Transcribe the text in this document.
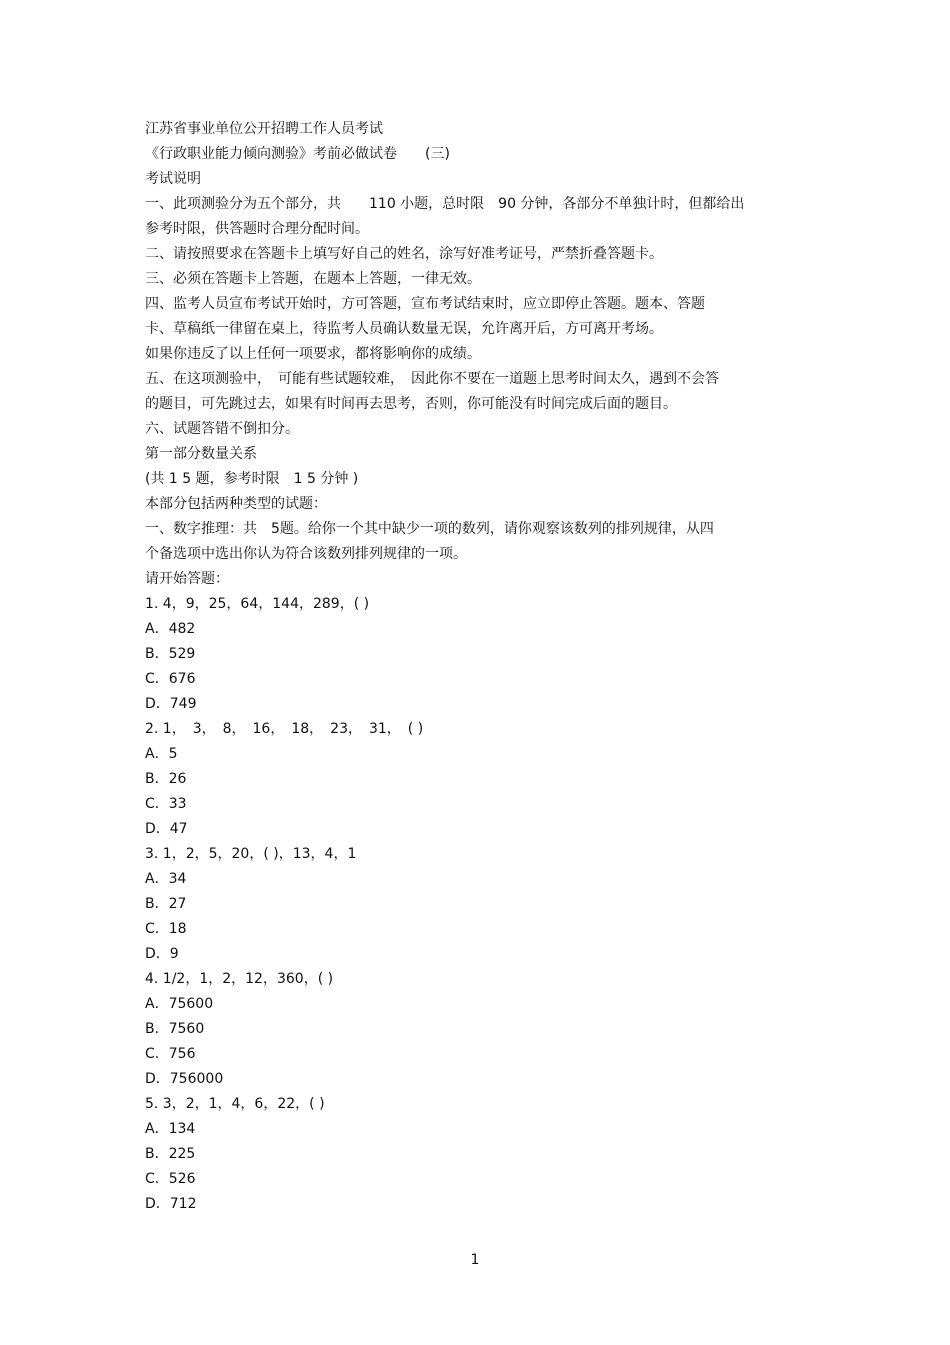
江苏省事业单位公开招聘工作人员考试
《行政职业能力倾向测验》考前必做试卷　　(三)
考试说明
一、此项测验分为五个部分，共　　110 小题，总时限　90 分钟，各部分不单独计时，但都给出
参考时限，供答题时合理分配时间。
二、请按照要求在答题卡上填写好自己的姓名，涂写好准考证号，严禁折叠答题卡。
三、必须在答题卡上答题，在题本上答题，一律无效。
四、监考人员宣布考试开始时，方可答题，宣布考试结束时，应立即停止答题。题本、答题
卡、草稿纸一律留在桌上，待监考人员确认数量无误，允许离开后，方可离开考场。
如果你违反了以上任何一项要求，都将影响你的成绩。
五、在这项测验中，　可能有些试题较难，　因此你不要在一道题上思考时间太久，遇到不会答
的题目，可先跳过去，如果有时间再去思考，否则，你可能没有时间完成后面的题目。
六、试题答错不倒扣分。
第一部分数量关系
(共 1 5 题，参考时限　1 5 分钟 )
本部分包括两种类型的试题：
一、数字推理：共　5题。给你一个其中缺少一项的数列，请你观察该数列的排列规律，从四
个备选项中选出你认为符合该数列排列规律的一项。
请开始答题：
1. 4，9，25，64，144，289，( )
A．482
B．529
C．676
D．749
2. 1，　3，　8，　16，　18，　23，　31，　( )
A．5
B．26
C．33
D．47
3. 1，2，5，20，( )，13，4，1
A．34
B．27
C．18
D．9
4. 1/2，1，2，12，360，( )
A．75600
B．7560
C．756
D．756000
5. 3，2，1，4，6，22，( )
A．134
B．225
C．526
D．712
1
